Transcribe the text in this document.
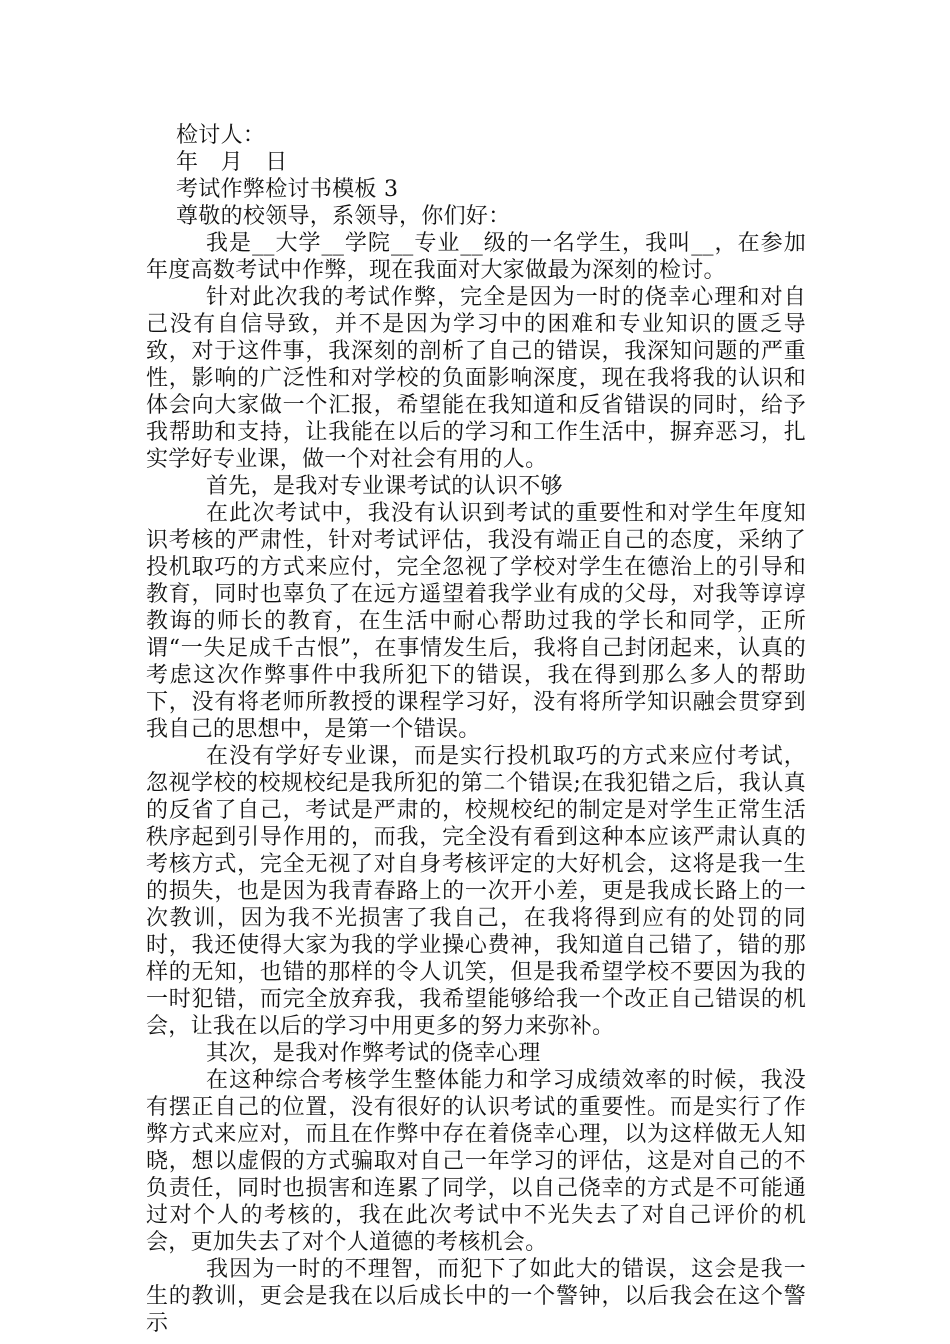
检讨人：
年　月　日
考试作弊检讨书模板 3
尊敬的校领导，系领导，你们好：
我是__大学__学院__专业__级的一名学生，我叫__，在参加年度高数考试中作弊，现在我面对大家做最为深刻的检讨。
针对此次我的考试作弊，完全是因为一时的侥幸心理和对自己没有自信导致，并不是因为学习中的困难和专业知识的匮乏导致，对于这件事，我深刻的剖析了自己的错误，我深知问题的严重性，影响的广泛性和对学校的负面影响深度，现在我将我的认识和体会向大家做一个汇报，希望能在我知道和反省错误的同时，给予我帮助和支持，让我能在以后的学习和工作生活中，摒弃恶习，扎实学好专业课，做一个对社会有用的人。
首先，是我对专业课考试的认识不够
在此次考试中，我没有认识到考试的重要性和对学生年度知识考核的严肃性，针对考试评估，我没有端正自己的态度，采纳了投机取巧的方式来应付，完全忽视了学校对学生在德治上的引导和教育，同时也辜负了在远方遥望着我学业有成的父母，对我等谆谆教诲的师长的教育，在生活中耐心帮助过我的学长和同学，正所谓“一失足成千古恨”，在事情发生后，我将自己封闭起来，认真的考虑这次作弊事件中我所犯下的错误，我在得到那么多人的帮助下，没有将老师所教授的课程学习好，没有将所学知识融会贯穿到我自己的思想中，是第一个错误。
在没有学好专业课，而是实行投机取巧的方式来应付考试，忽视学校的校规校纪是我所犯的第二个错误;在我犯错之后，我认真的反省了自己，考试是严肃的，校规校纪的制定是对学生正常生活秩序起到引导作用的，而我，完全没有看到这种本应该严肃认真的考核方式，完全无视了对自身考核评定的大好机会，这将是我一生的损失，也是因为我青春路上的一次开小差，更是我成长路上的一次教训，因为我不光损害了我自己，在我将得到应有的处罚的同时，我还使得大家为我的学业操心费神，我知道自己错了，错的那样的无知，也错的那样的令人讥笑，但是我希望学校不要因为我的一时犯错，而完全放弃我，我希望能够给我一个改正自己错误的机会，让我在以后的学习中用更多的努力来弥补。
其次，是我对作弊考试的侥幸心理
在这种综合考核学生整体能力和学习成绩效率的时候，我没有摆正自己的位置，没有很好的认识考试的重要性。而是实行了作弊方式来应对，而且在作弊中存在着侥幸心理，以为这样做无人知晓，想以虚假的方式骗取对自己一年学习的评估，这是对自己的不负责任，同时也损害和连累了同学，以自己侥幸的方式是不可能通过对个人的考核的，我在此次考试中不光失去了对自己评价的机会，更加失去了对个人道德的考核机会。
我因为一时的不理智，而犯下了如此大的错误，这会是我一生的教训，更会是我在以后成长中的一个警钟，以后我会在这个警示
